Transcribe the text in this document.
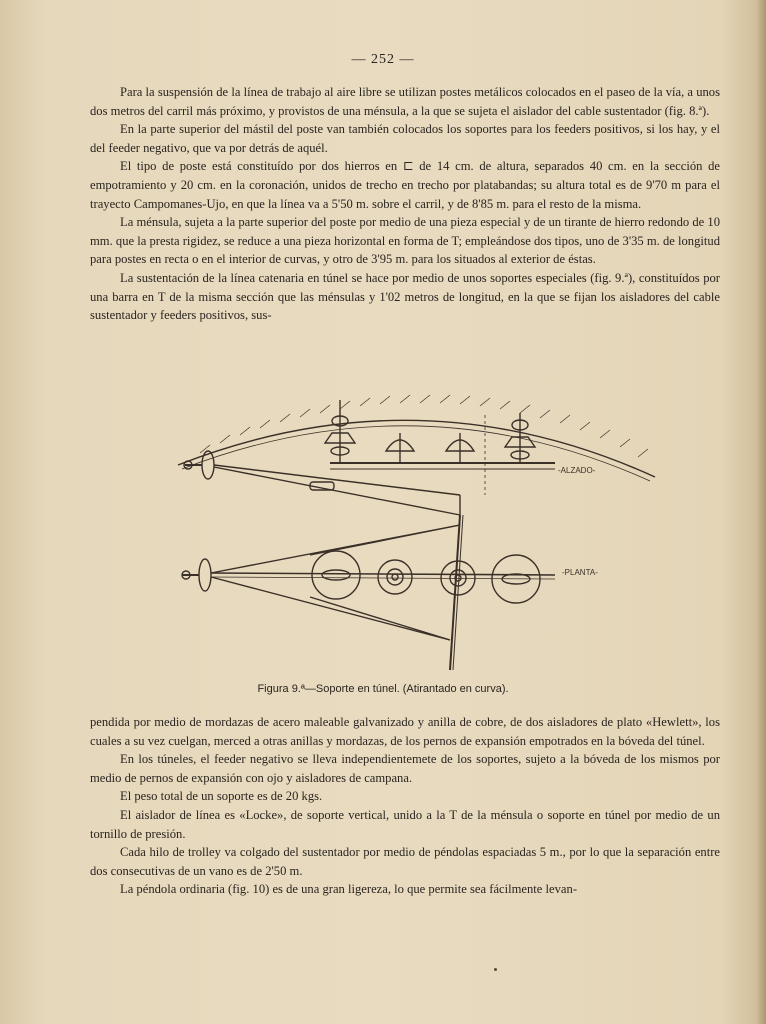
— 252 —

Para la suspensión de la línea de trabajo al aire libre se utilizan postes metálicos colocados en el paseo de la vía, a unos dos metros del carril más próximo, y provistos de una ménsula, a la que se sujeta el aislador del cable sustentador (fig. 8.ª).

En la parte superior del mástil del poste van también colocados los soportes para los feeders positivos, si los hay, y el del feeder negativo, que va por detrás de aquél.

El tipo de poste está constituído por dos hierros en ⊏ de 14 cm. de altura, separados 40 cm. en la sección de empotramiento y 20 cm. en la coronación, unidos de trecho en trecho por platabandas; su altura total es de 9'70 m para el trayecto Campomanes-Ujo, en que la línea va a 5'50 m. sobre el carril, y de 8'85 m. para el resto de la misma.

La ménsula, sujeta a la parte superior del poste por medio de una pieza especial y de un tirante de hierro redondo de 10 mm. que la presta rigidez, se reduce a una pieza horizontal en forma de T; empleándose dos tipos, uno de 3'35 m. de longitud para postes en recta o en el interior de curvas, y otro de 3'95 m. para los situados al exterior de éstas.

La sustentación de la línea catenaria en túnel se hace por medio de unos soportes especiales (fig. 9.ª), constituídos por una barra en T de la misma sección que las ménsulas y 1'02 metros de longitud, en la que se fijan los aisladores del cable sustentador y feeders positivos, sus-

-ALZADO-
-PLANTA-
Figura 9.ª—Soporte en túnel. (Atirantado en curva).

pendida por medio de mordazas de acero maleable galvanizado y anilla de cobre, de dos aisladores de plato «Hewlett», los cuales a su vez cuelgan, merced a otras anillas y mordazas, de los pernos de expansión empotrados en la bóveda del túnel.

En los túneles, el feeder negativo se lleva independientemete de los soportes, sujeto a la bóveda de los mismos por medio de pernos de expansión con ojo y aisladores de campana.

El peso total de un soporte es de 20 kgs.

El aislador de línea es «Locke», de soporte vertical, unido a la T de la ménsula o soporte en túnel por medio de un tornillo de presión.

Cada hilo de trolley va colgado del sustentador por medio de péndolas espaciadas 5 m., por lo que la separación entre dos consecutivas de un vano es de 2'50 m.

La péndola ordinaria (fig. 10) es de una gran ligereza, lo que permite sea fácilmente levan-
